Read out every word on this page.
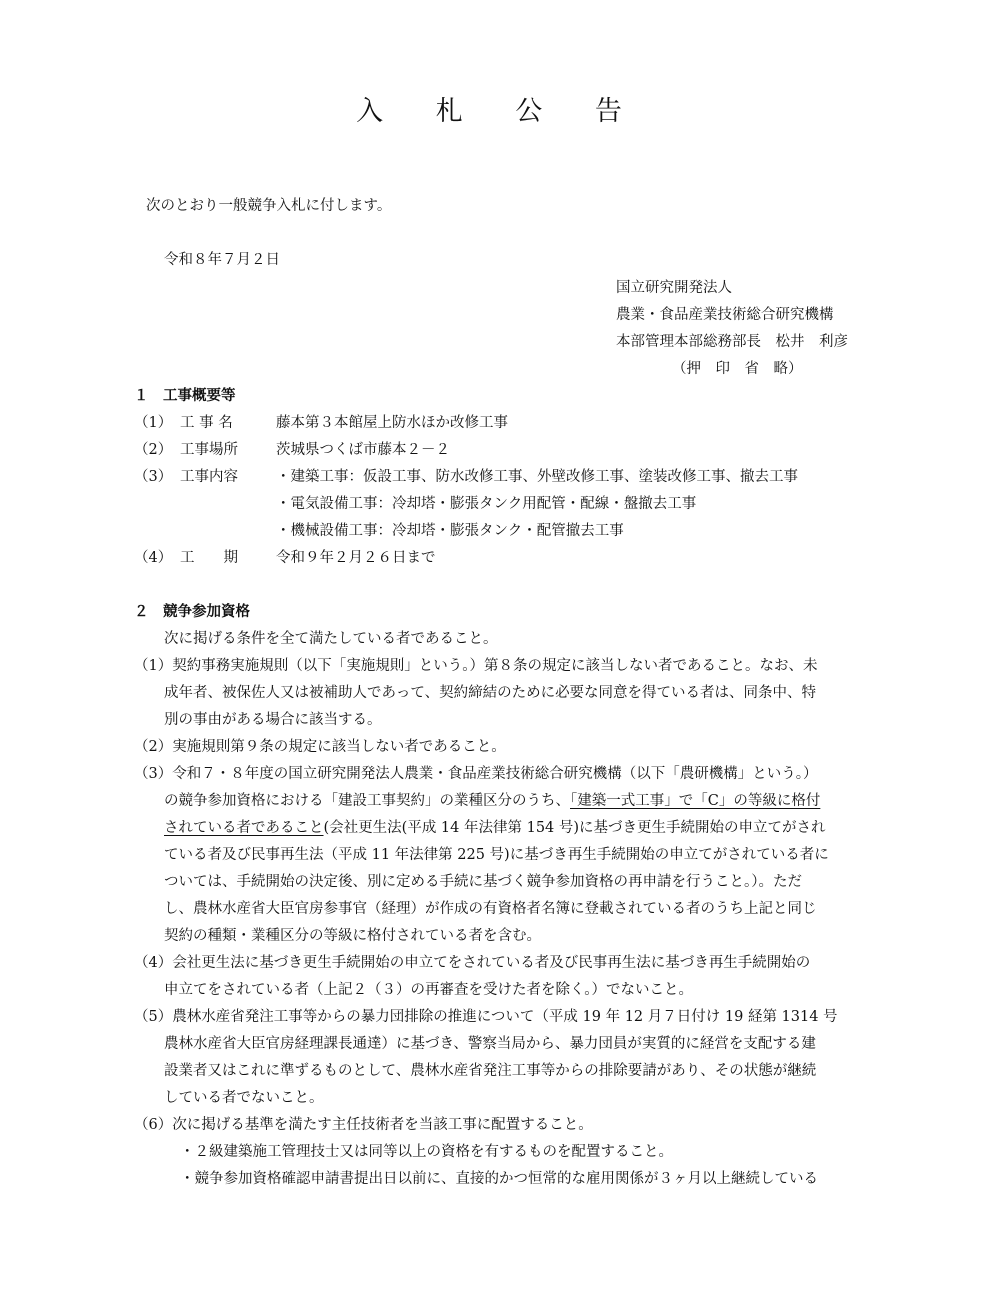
入 札 公 告
次のとおり一般競争入札に付します。
令和８年７月２日
国立研究開発法人
農業・食品産業技術総合研究機構
本部管理本部総務部長　松井　利彦
（押　印　省　略）
１　工事概要等
（1） 工 事 名	藤本第３本館屋上防水ほか改修工事
（2） 工事場所	茨城県つくば市藤本２－２
（3） 工事内容	・建築工事：仮設工事、防水改修工事、外壁改修工事、塗装改修工事、撤去工事
・電気設備工事：冷却塔・膨張タンク用配管・配線・盤撤去工事
・機械設備工事：冷却塔・膨張タンク・配管撤去工事
（4） 工　　期	令和９年２月２６日まで
２　競争参加資格
次に掲げる条件を全て満たしている者であること。
（1）契約事務実施規則（以下「実施規則」という。）第８条の規定に該当しない者であること。なお、未
成年者、被保佐人又は被補助人であって、契約締結のために必要な同意を得ている者は、同条中、特
別の事由がある場合に該当する。
（2）実施規則第９条の規定に該当しない者であること。
（3）令和７・８年度の国立研究開発法人農業・食品産業技術総合研究機構（以下「農研機構」という。）
の競争参加資格における「建設工事契約」の業種区分のうち、「建築一式工事」で「C」の等級に格付
されている者であること(会社更生法(平成 14 年法律第 154 号)に基づき更生手続開始の申立てがされ
ている者及び民事再生法（平成 11 年法律第 225 号)に基づき再生手続開始の申立てがされている者に
ついては、手続開始の決定後、別に定める手続に基づく競争参加資格の再申請を行うこと。）。ただ
し、農林水産省大臣官房参事官（経理）が作成の有資格者名簿に登載されている者のうち上記と同じ
契約の種類・業種区分の等級に格付されている者を含む。
（4）会社更生法に基づき更生手続開始の申立てをされている者及び民事再生法に基づき再生手続開始の
申立てをされている者（上記２（３）の再審査を受けた者を除く。）でないこと。
（5）農林水産省発注工事等からの暴力団排除の推進について（平成 19 年 12 月７日付け 19 経第 1314 号
農林水産省大臣官房経理課長通達）に基づき、警察当局から、暴力団員が実質的に経営を支配する建
設業者又はこれに準ずるものとして、農林水産省発注工事等からの排除要請があり、その状態が継続
している者でないこと。
（6）次に掲げる基準を満たす主任技術者を当該工事に配置すること。
・２級建築施工管理技士又は同等以上の資格を有するものを配置すること。
・競争参加資格確認申請書提出日以前に、直接的かつ恒常的な雇用関係が３ヶ月以上継続している
